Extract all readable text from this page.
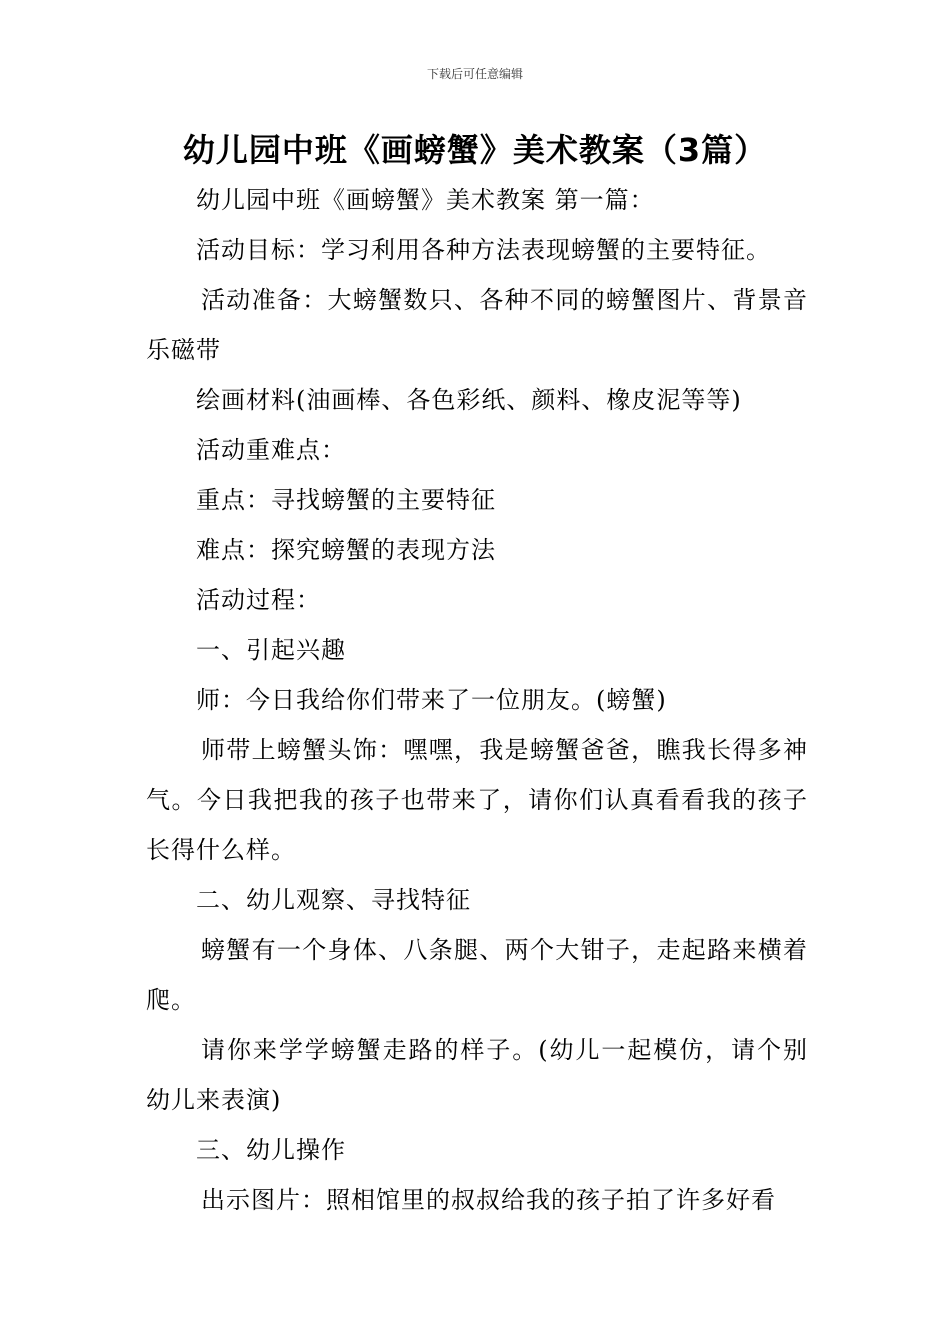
下载后可任意编辑
幼儿园中班《画螃蟹》美术教案（3篇）

幼儿园中班《画螃蟹》美术教案 第一篇：

活动目标：学习利用各种方法表现螃蟹的主要特征。

活动准备：大螃蟹数只、各种不同的螃蟹图片、背景音乐磁带

绘画材料(油画棒、各色彩纸、颜料、橡皮泥等等)

活动重难点：

重点：寻找螃蟹的主要特征

难点：探究螃蟹的表现方法

活动过程：

一、引起兴趣

师：今日我给你们带来了一位朋友。(螃蟹)

师带上螃蟹头饰：嘿嘿，我是螃蟹爸爸，瞧我长得多神气。今日我把我的孩子也带来了，请你们认真看看我的孩子长得什么样。

二、幼儿观察、寻找特征

螃蟹有一个身体、八条腿、两个大钳子，走起路来横着爬。

请你来学学螃蟹走路的样子。(幼儿一起模仿，请个别幼儿来表演)

三、幼儿操作

出示图片：照相馆里的叔叔给我的孩子拍了许多好看
